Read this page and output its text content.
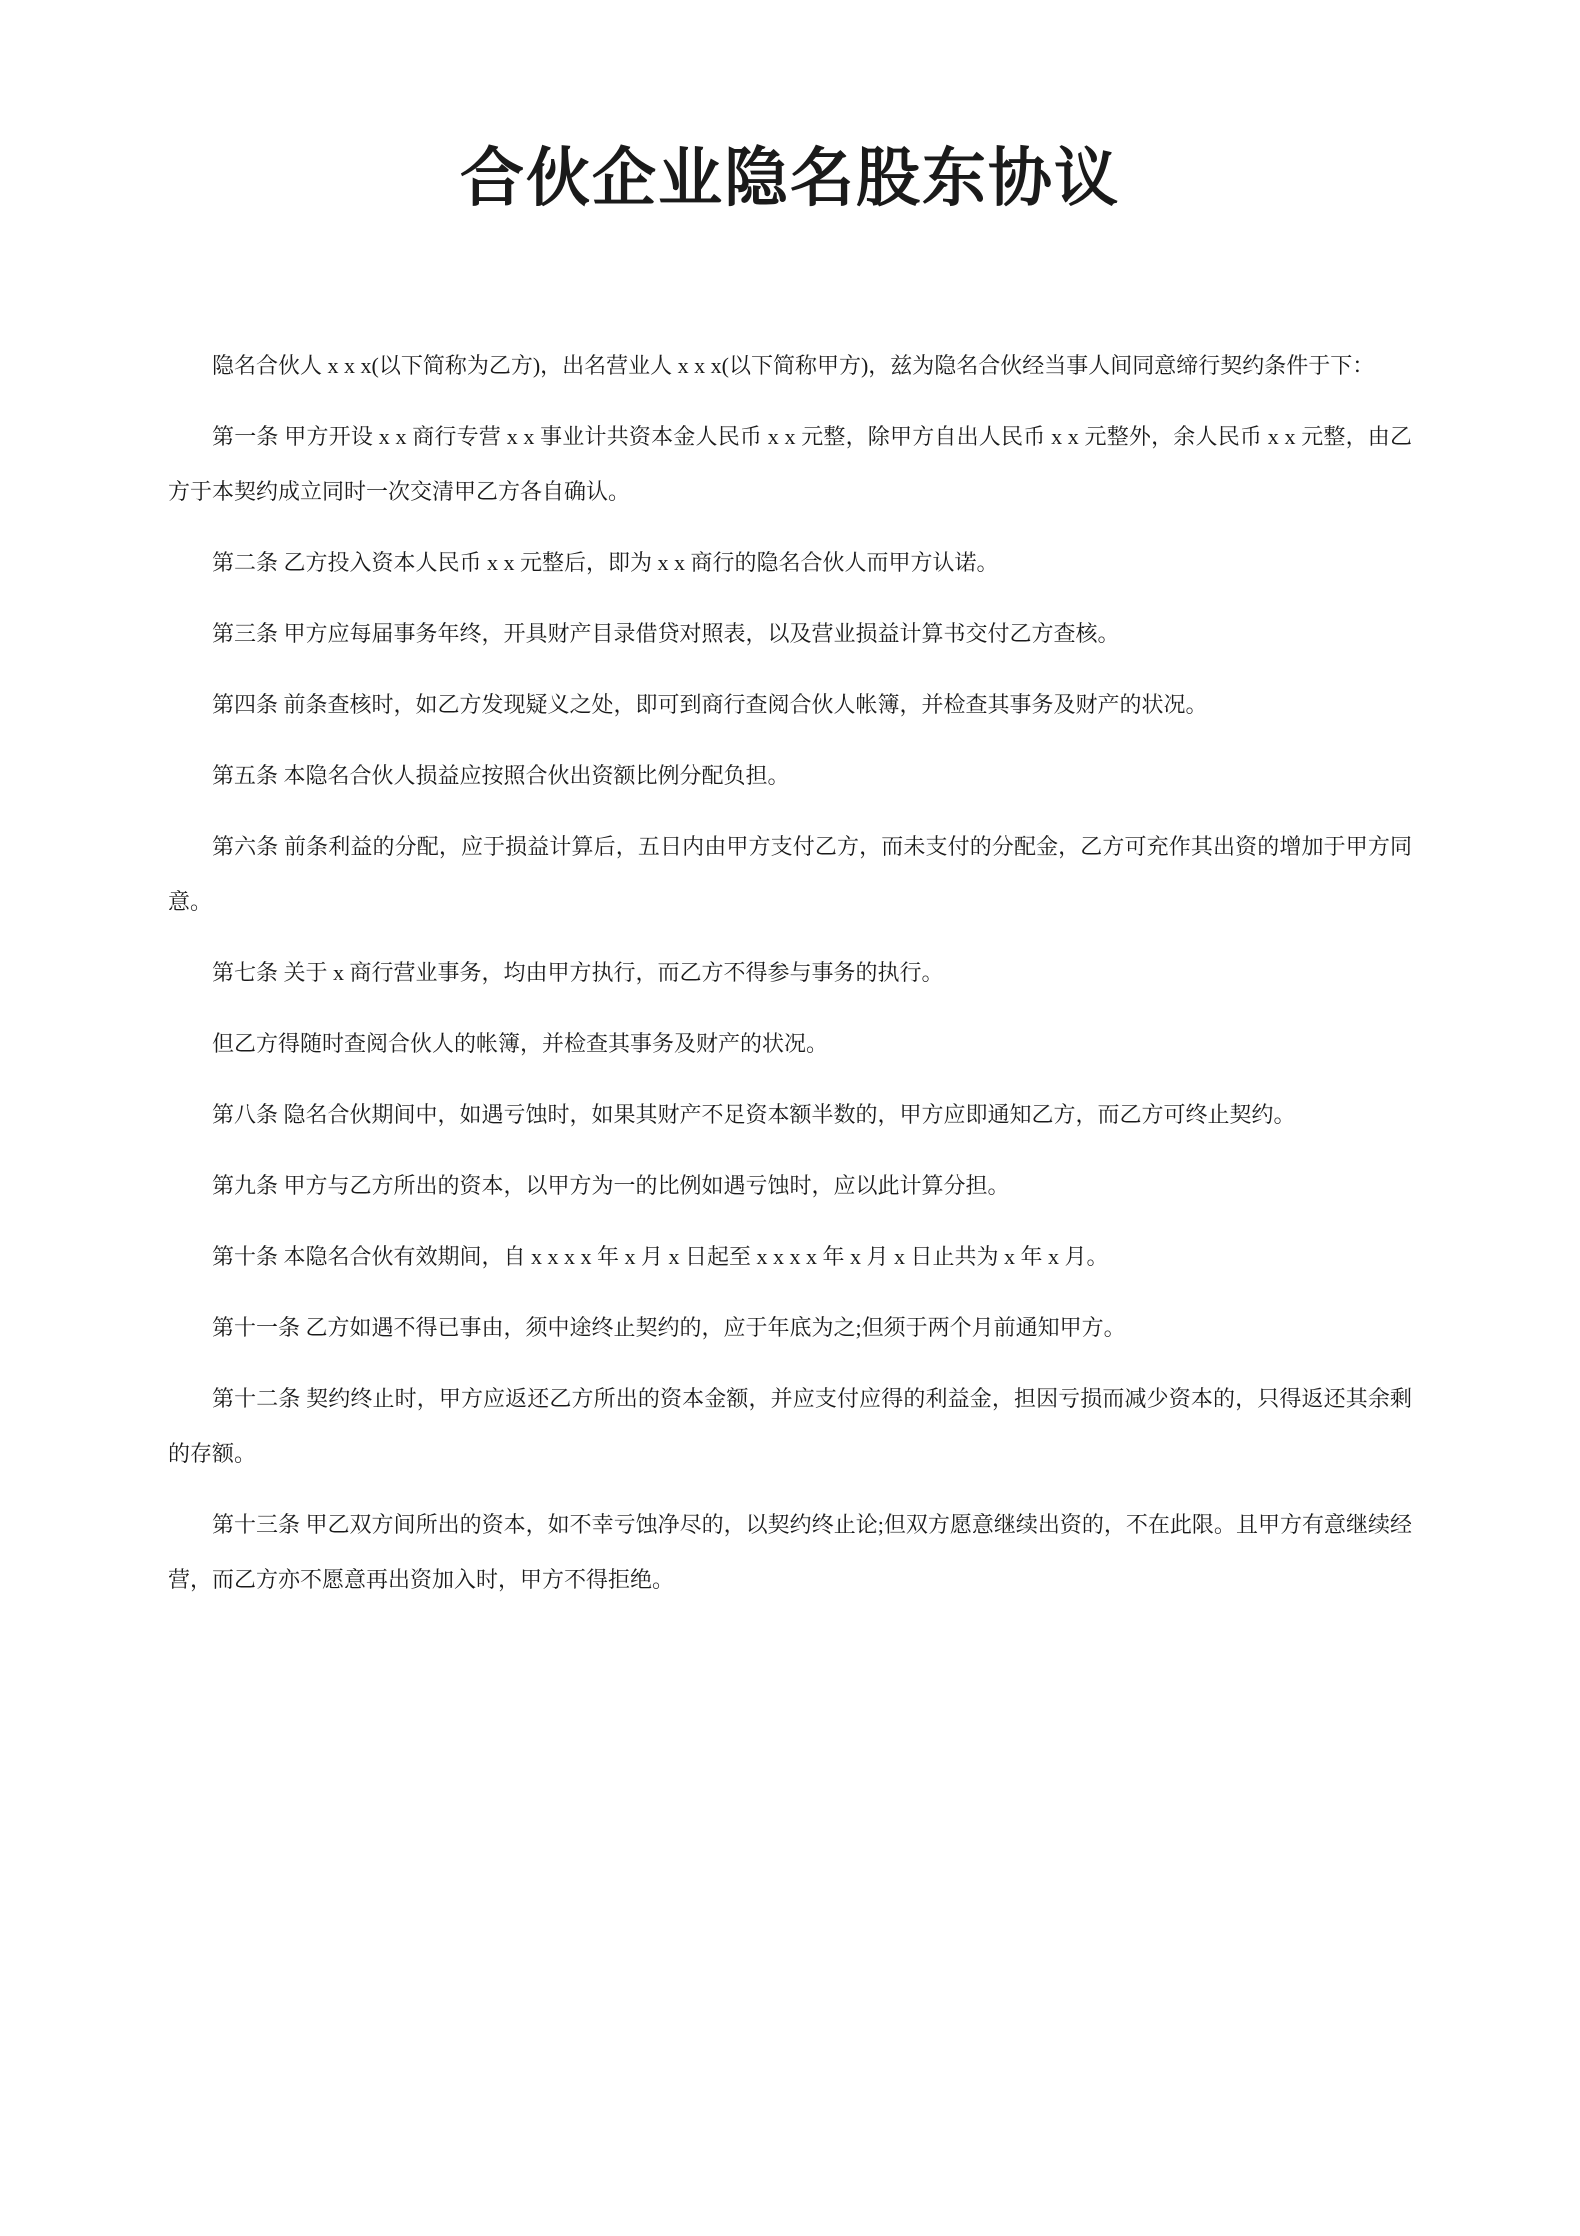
合伙企业隐名股东协议

隐名合伙人 x x x(以下简称为乙方)，出名营业人 x x x(以下简称甲方)，兹为隐名合伙经当事人间同意缔行契约条件于下：

第一条 甲方开设 x x 商行专营 x x 事业计共资本金人民币 x x 元整，除甲方自出人民币 x x 元整外，余人民币 x x 元整，由乙方于本契约成立同时一次交清甲乙方各自确认。

第二条 乙方投入资本人民币 x x 元整后，即为 x x 商行的隐名合伙人而甲方认诺。

第三条 甲方应每届事务年终，开具财产目录借贷对照表，以及营业损益计算书交付乙方查核。

第四条 前条查核时，如乙方发现疑义之处，即可到商行查阅合伙人帐簿，并检查其事务及财产的状况。

第五条 本隐名合伙人损益应按照合伙出资额比例分配负担。

第六条 前条利益的分配，应于损益计算后，五日内由甲方支付乙方，而未支付的分配金，乙方可充作其出资的增加于甲方同意。

第七条 关于 x 商行营业事务，均由甲方执行，而乙方不得参与事务的执行。

但乙方得随时查阅合伙人的帐簿，并检查其事务及财产的状况。

第八条 隐名合伙期间中，如遇亏蚀时，如果其财产不足资本额半数的，甲方应即通知乙方，而乙方可终止契约。

第九条 甲方与乙方所出的资本，以甲方为一的比例如遇亏蚀时，应以此计算分担。

第十条 本隐名合伙有效期间，自 x x x x 年 x 月 x 日起至 x x x x 年 x 月 x 日止共为 x 年 x 月。

第十一条 乙方如遇不得已事由，须中途终止契约的，应于年底为之;但须于两个月前通知甲方。

第十二条 契约终止时，甲方应返还乙方所出的资本金额，并应支付应得的利益金，担因亏损而减少资本的，只得返还其余剩的存额。

第十三条 甲乙双方间所出的资本，如不幸亏蚀净尽的，以契约终止论;但双方愿意继续出资的，不在此限。且甲方有意继续经营，而乙方亦不愿意再出资加入时，甲方不得拒绝。
